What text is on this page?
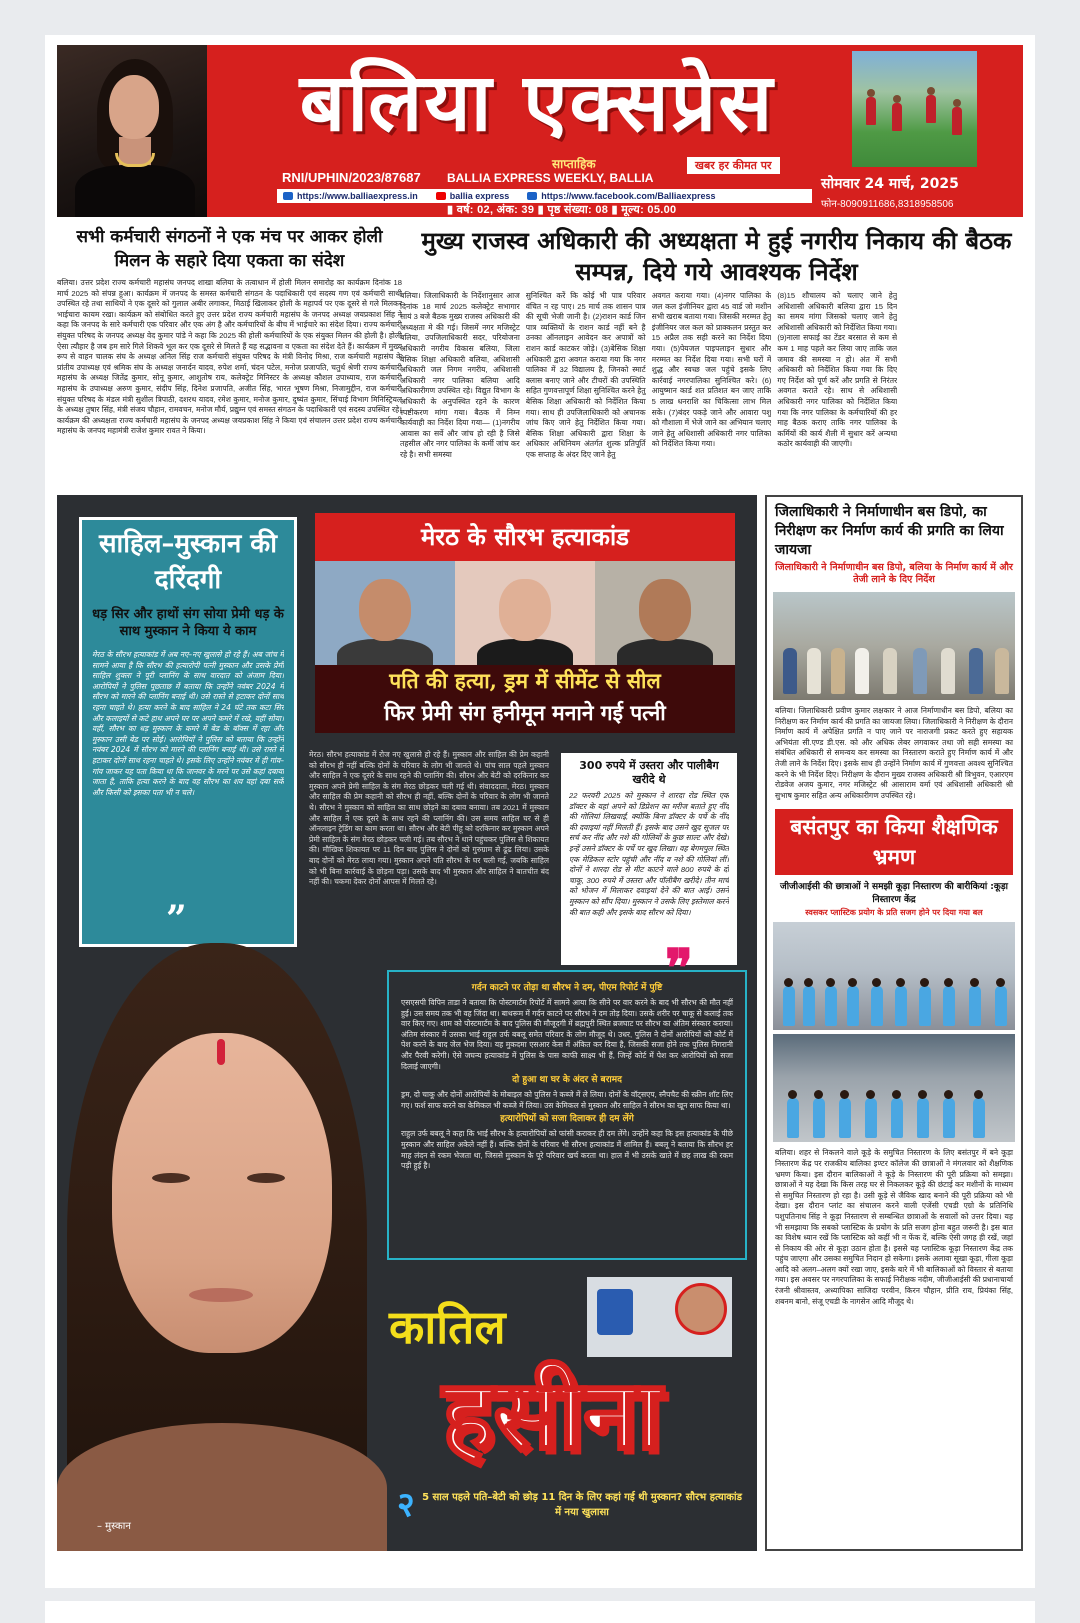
बलिया एक्सप्रेस
साप्ताहिक	खबर हर कीमत पर
RNI/UPHIN/2023/87687 BALLIA EXPRESS WEEKLY, BALLIA
https://www.balliaexpress.in	ballia express	https://www.facebook.com/Balliaexpress
▮ वर्ष: 02, अंक: 39 ▮ पृष्ठ संख्या: 08 ▮ मूल्य: 05.00
सोमवार 24 मार्च, 2025
फोन-8090911686,8318958506
सभी कर्मचारी संगठनों ने एक मंच पर आकर होली मिलन के सहारे दिया एकता का संदेश

बलिया। उत्तर प्रदेश राज्य कर्मचारी महासंघ जनपद शाखा बलिया के तत्वाधान में होली मिलन समारोह का कार्यक्रम दिनांक 18 मार्च 2025 को संपन्न हुआ। कार्यक्रम में जनपद के समस्त कर्मचारी संगठन के पदाधिकारी एवं सदस्य गण एवं कर्मचारी साथी उपस्थित रहे तथा साथियों ने एक दूसरे को गुलाल अबीर लगाकर, मिठाई खिलाकर होली के महापर्व पर एक दूसरे से गले मिलकर भाईचारा कायम रखा। कार्यक्रम को संबोधित करते हुए उत्तर प्रदेश राज्य कर्मचारी महासंघ के जनपद अध्यक्ष जयप्रकाश सिंह ने कहा कि जनपद के सारे कर्मचारी एक परिवार और एक अंग है और कर्मचारियों के बीच में भाईचारे का संदेश दिया। राज्य कर्मचारी संयुक्त परिषद के जनपद अध्यक्ष वेद कुमार पांडे ने कहा कि 2025 की होली कर्मचारियों के एक संयुक्त मिलन की होली है। होली ऐसा त्यौहार है जब हम सारे गिले शिकवे भूल कर एक दूसरे से मिलते हैं यह सद्भावना व एकता का संदेश देते हैं। कार्यक्रम में मुख्य रूप से वाहन चालक संघ के अध्यक्ष अनिल सिंह राज कर्मचारी संयुक्त परिषद के मंत्री विनोद मिश्रा, राज कर्मचारी महासंघ के प्रांतीय उपाध्यक्ष एवं श्रमिक संघ के अध्यक्ष जनार्दन यादव, रुपेश शर्मा, चंदन पटेल, मनोज प्रजापति, चतुर्थ श्रेणी राज्य कर्मचारी महासंघ के अध्यक्ष जितेंद्र कुमार, सोनू कुमार, आशुतोष राय, कलेक्ट्रेट मिनिस्टर के अध्यक्ष कौशल उपाध्याय, राज कर्मचारी महासंघ के उपाध्यक्ष अरुण कुमार, संदीप सिंह, दिनेश प्रजापति, अजीत सिंह, भारत भूषण मिश्रा, निजामुद्दीन, राज कर्मचारी संयुक्त परिषद के मंडल मंत्री सुशील त्रिपाठी, दशरथ यादव, रमेश कुमार, मनोज कुमार, दुष्यंत कुमार, सिंचाई विभाग मिनिस्ट्रियल के अध्यक्ष तुषार सिंह, मंत्री संजय चौहान, रामवचन, मनोज मौर्य, प्रद्युम्न एवं समस्त संगठन के पदाधिकारी एवं सदस्य उपस्थित रहे। कार्यक्रम की अध्यक्षता राज्य कर्मचारी महासंघ के जनपद अध्यक्ष जयप्रकाश सिंह ने किया एवं संचालन उत्तर प्रदेश राज्य कर्मचारी महासंघ के जनपद महामंत्री राजेश कुमार रावत ने किया।

मुख्य राजस्व अधिकारी की अध्यक्षता मे हुई नगरीय निकाय की बैठक सम्पन्न, दिये गये आवश्यक निर्देश

बलिया। जिलाधिकारी के निर्देशानुसार आज दिनांक 18 मार्च 2025 कलेक्ट्रेट सभागार सायं 3 बजे बैठक मुख्य राजस्व अधिकारी की अध्यक्षता मे की गई। जिसमें नगर मजिस्ट्रेट बलिया, उपजिलाधिकारी सदर, परियोजना अधिकारी नगरीय विकास बलिया, जिला बेसिक शिक्षा अधिकारी बलिया, अधिशासी अधिकारी जल निगम नगरीय, अधिशासी अधिकारी नगर पालिका बलिया आदि अधिकारीगण उपस्थित रहे। विद्युत विभाग के अधिकारी के अनुपस्थित रहने के कारण स्पष्टीकरण मांगा गया। बैठक में निम्न कार्यवाही का निर्देश दिया गया— (1)नगरीय आवास का सर्वे और जांच हो रही है जिसे तहसील और नगर पालिका के कर्मी जांच कर रहे है। सभी समस्या

सुनिश्चित करें कि कोई भी पात्र परिवार वंचित न रह पाए। 25 मार्च तक शासन पात्र की सूची भेजी जानी है। (2)राशन कार्ड जिन पात्र व्यक्तियों के राशन कार्ड नहीं बने है उनका ऑनलाइन आवेदन कर अपात्रों को राशन कार्ड काटकर जोड़े। (3)बेसिक शिक्षा अधिकारी द्वारा अवगत कराया गया कि नगर पालिका में 32 विद्यालय है, जिनको स्मार्ट क्लास बनाए जाने और टीचरों की उपस्थिति सहित गुणवत्तापूर्ण शिक्षा सुनिश्चित करने हेतु बेसिक शिक्षा अधिकारी को निर्देशित किया गया। साथ ही उपजिलाधिकारी को अचानक जांच किए जाने हेतु निर्देशित किया गया। बेसिक शिक्षा अधिकारी द्वारा शिक्षा के अधिकार अधिनियम अंतर्गत शुल्क प्रतिपूर्ति एक सप्ताह के अंदर दिए जाने हेतु

अवगत कराया गया। (4)नगर पालिका के जल कल इंजीनियर द्वारा 45 वार्ड जो मशीन सभी खराब बताया गया। जिसकी मरम्मत हेतु इंजीनियर जल कल को प्राक्कलन प्रस्तुत कर 15 अप्रैल तक सही करने का निर्देश दिया गया। (5)पेयजल पाइपलाइन सुधार और मरम्मत का निर्देश दिया गया। सभी घरों में शुद्ध और स्वच्छ जल पहुंचे इसके लिए कार्रवाई नगरपालिका सुनिश्चित करे। (6) आयुष्मान कार्ड शत प्रतिशत बन जाए ताकि 5 लाख धनराशि का चिकित्सा लाभ मिल सके। (7)बंदर पकड़े जाने और आवारा पशु को गौशाला में भेजे जाने का अभियान चलाए जाने हेतु अधिशासी अधिकारी नगर पालिका को निर्देशित किया गया।

(8)15 शौचालय को चलाए जाने हेतु अधिशासी अधिकारी बलिया द्वारा 15 दिन का समय मांगा जिसको चलाए जाने हेतु अधिशासी अधिकारी को निर्देशित किया गया। (9)नाला सफाई का टेंडर बरसात से कम से कम 1 माह पहले कर लिया जाए ताकि जल जमाव की समस्या न हो। अंत में सभी अधिकारी को निर्देशित किया गया कि दिए गए निर्देश को पूर्ण करें और प्रगति से निरंतर अवगत कराते रहे। साथ से अधिशासी अधिकारी नगर पालिका को निर्देशित किया गया कि नगर पालिका के कर्मचारियों की हर माह बैठक कराए ताकि नगर पालिका के कर्मियों की कार्य शैली में सुधार करें अन्यथा कठोर कार्यवाही की जाएगी।

साहिल–मुस्कान की दरिंदगी
धड़ सिर और हाथों संग सोया प्रेमी धड़ के साथ मुस्कान ने किया ये काम

मेरठ के सौरभ हत्याकांड में अब नए–नए खुलासे हो रहे हैं। अब जांच में सामने आया है कि सौरभ की हत्यारोपी पत्नी मुस्कान और उसके प्रेमी साहिल शुक्ला ने पूरी प्लानिंग के साथ वारदात को अंजाम दिया। आरोपियों ने पुलिस पूछताछ में बताया कि उन्होंने नवंबर 2024 में सौरभ को मारने की प्लानिंग बनाई थी। उसे रास्ते से हटाकर दोनों साथ रहना चाहते थे। हत्या करने के बाद साहिल ने 24 घंटे तक कटा सिर और कलाइयों से कटे हाथ अपने घर पर अपने कमरे में रखे, वहीं सोया। वहीं, सौरभ का धड़ मुस्कान के कमरे में बेड के बॉक्स में रहा और मुस्कान उसी बेड पर सोई। आरोपियों ने पुलिस को बताया कि उन्होंने नवंबर 2024 में सौरभ को मारने की प्लानिंग बनाई थी। उसे रास्ते से हटाकर दोनों साथ रहना चाहते थे। इसके लिए उन्होंने नवंबर में ही गांव–गांव जाकर यह पता किया था कि जानवर के मरने पर उसे कहां दबाया जाता है, ताकि हत्या करने के बाद वह सौरभ का शव वहां दबा सकें और किसी को इसका पता भी न चले।

”
मेरठ के सौरभ हत्याकांड
पति की हत्या, ड्रम में सीमेंट से सील
फिर प्रेमी संग हनीमून मनाने गई पत्नी

मेरठ। सौरभ हत्याकांड में रोज नए खुलासे हो रहे हैं। मुस्कान और साहिल की प्रेम कहानी को सौरभ ही नहीं बल्कि दोनों के परिवार के लोग भी जानते थे। पांच साल पहले मुस्कान और साहिल ने एक दूसरे के साथ रहने की प्लानिंग की। सौरभ और बेटी को दरकिनार कर मुस्कान अपने प्रेमी साहिल के संग मेरठ छोड़कर चली गई थी। संवाददाता, मेरठ। मुस्कान और साहिल की प्रेम कहानी को सौरभ ही नहीं, बल्कि दोनों के परिवार के लोग भी जानते थे। सौरभ ने मुस्कान को साहिल का साथ छोड़ने का दबाव बनाया। तब 2021 में मुस्कान और साहिल ने एक दूसरे के साथ रहने की प्लानिंग की। उस समय साहिल घर से ही ऑनलाइन ट्रेडिंग का काम करता था। सौरभ और बेटी पीहू को दरकिनार कर मुस्कान अपने प्रेमी साहिल के संग मेरठ छोड़कर चली गई। तब सौरभ ने थाने पहुंचकर पुलिस से शिकायत की। मौखिक शिकायत पर 11 दिन बाद पुलिस ने दोनों को गुरुग्राम से ढूंढ लिया। उसके बाद दोनों को मेरठ लाया गया। मुस्कान अपने पति सौरभ के घर चली गई, जबकि साहिल को भी बिना कार्रवाई के छोड़ना पड़ा। उसके बाद भी मुस्कान और साहिल ने बातचीत बंद नहीं की। चकमा देकर दोनों आपस में मिलते रहे।

300 रुपये में उस्तरा और पालीबैग खरीदे थे

22 फरवरी 2025 को मुस्कान ने शारदा रोड स्थित एक डॉक्टर के यहां अपने को डिप्रेशन का मरीज बताते हुए नींद की गोलियां लिखवाईं, क्योंकि बिना डॉक्टर के पर्चे के नींद की दवाइयां नहीं मिलती हैं। इसके बाद उसने खुद सूजल पर सर्च कर नींद और नशे की गोलियों के कुछ साल्ट और देखे। इन्हें उसने डॉक्टर के पर्चे पर खुद लिखा। वह बेगमपुल स्थित एक मेडिकल स्टोर पहुंची और नींद व नशे की गोलियां लीं। दोनों ने शारदा रोड से मीट काटने वाले 800 रुपये के दो चाकू, 300 रुपये में उस्तरा और पॉलीबैग खरीदे। तीन मार्च को भोजन में मिलाकर दवाइयां देने की बात आई। उसने मुस्कान को सौंप दिया। मुस्कान ने उसके लिए इस्तेमाल करने की बात कही और इसके बाद सौरभ को दिया।

❞
– मुस्कान
गर्दन काटने पर तोड़ा था सौरभ ने दम, पीएम रिपोर्ट में पुष्टि

एसएसपी विपिन ताडा ने बताया कि पोस्टमार्टम रिपोर्ट में सामने आया कि सीने पर वार करने के बाद भी सौरभ की मौत नहीं हुई। उस समय तक भी वह जिंदा था। बाथरूम में गर्दन काटने पर सौरभ ने दम तोड़ दिया। उसके शरीर पर चाकू से कलाई तक वार किए गए। शाम को पोस्टमार्टम के बाद पुलिस की मौजूदगी में ब्रह्मपुरी स्थित ब्रजघाट पर सौरभ का अंतिम संस्कार कराया। अंतिम संस्कार में उसका भाई राहुल उर्फ बबलू समेत परिवार के लोग मौजूद थे। उधर, पुलिस ने दोनों आरोपियों को कोर्ट में पेश करने के बाद जेल भेज दिया। यह मुकदमा एसआर केस में अंकित कर दिया है, जिसकी सजा होने तक पुलिस निगरानी और पैरवी करेगी। ऐसे जघन्य हत्याकांड में पुलिस के पास काफी साक्ष्य भी हैं, जिन्हें कोर्ट में पेश कर आरोपियों को सजा दिलाई जाएगी।

दो हुआ था घर के अंदर से बरामद

ड्रम, दो चाकू और दोनों आरोपियों के मोबाइल को पुलिस ने कब्जे में ले लिया। दोनों के वॉट्सएप, स्नैपचैट की स्क्रीन शॉट लिए गए। फर्श साफ करने का केमिकल भी कब्जे में लिया। उस केमिकल से मुस्कान और साहिल ने सौरभ का खून साफ किया था।

हत्यारोपियों को सजा दिलाकर ही दम लेंगे

राहुल उर्फ बबलू ने कहा कि भाई सौरभ के हत्यारोपियों को फांसी कराकर ही दम लेंगे। उन्होंने कहा कि इस हत्याकांड के पीछे मुस्कान और साहिल अकेले नहीं हैं। बल्कि दोनों के परिवार भी सौरभ हत्याकांड में शामिल हैं। बबलू ने बताया कि सौरभ हर माह लंदन से रकम भेजता था, जिससे मुस्कान के पूरे परिवार खर्च करता था। हाल में भी उसके खाते में छह लाख की रकम पड़ी हुई है।

कातिल
हसीना
२ 5 साल पहले पति–बेटी को छोड़ 11 दिन के लिए कहां गई थी मुस्कान? सौरभ हत्याकांड में नया खुलासा
जिलाधिकारी ने निर्माणाधीन बस डिपो, का निरीक्षण कर निर्माण कार्य की प्रगति का लिया जायजा
जिलाधिकारी ने निर्माणाधीन बस डिपो, बलिया के निर्माण कार्य में और तेजी लाने के दिए निर्देश

बलिया। जिलाधिकारी प्रवीण कुमार लक्षकार ने आज निर्माणाधीन बस डिपो, बलिया का निरीक्षण कर निर्माण कार्य की प्रगति का जायजा लिया। जिलाधिकारी ने निरीक्षण के दौरान निर्माण कार्य में अपेक्षित प्रगति न पाए जाने पर नाराजगी प्रकट करते हुए सहायक अभियंता सी.एण्ड डी.एस. को और अधिक लेबर लगवाकर तथा जो सही समस्या का संबंधित अधिकारी से समन्वय कर समस्या का निस्तारण कराते हुए निर्माण कार्य में और तेजी लाने के निर्देश दिए। इसके साथ ही उन्होंने निर्माण कार्य में गुणवत्ता अवश्य सुनिश्चित करने के भी निर्देश दिए। निरीक्षण के दौरान मुख्य राजस्व अधिकारी श्री त्रिभुवन, एआरएम रोडवेज अजय कुमार, नगर मजिस्ट्रेट श्री आसाराम वर्मा एवं अधिशासी अधिकारी श्री सुभाष कुमार सहित अन्य अधिकारीगण उपस्थित रहे।

बसंतपुर का किया शैक्षणिक भ्रमण
जीजीआईसी की छात्राओं ने समझी कूड़ा निस्तारण की बारीकियां :कूड़ा निस्तारण केंद्र
स्वसकर प्लास्टिक प्रयोग के प्रति सजग होने पर दिया गया बल

बलिया। शहर से निकलने वाले कूड़े के समुचित निस्तारण के लिए बसंतपुर में बने कूड़ा निस्तारण केंद्र पर राजकीय बालिका इण्टर कॉलेज की छात्राओं ने मंगलवार को शैक्षणिक भ्रमण किया। इस दौरान बालिकाओं ने कूड़े के निस्तारण की पूरी प्रक्रिया को समझा। छात्राओं ने यह देखा कि किस तरह घर से निकलकर कूड़े की छंटाई कर मशीनों के माध्यम से समुचित निस्तारण हो रहा है। उसी कूड़े से जैविक खाद बनाने की पूरी प्रक्रिया को भी देखा। इस दौरान प्लांट का संचालन करने वाली एजेंसी एचडी एग्रो के प्रतिनिधि पशुपतिनाथ सिंह ने कूड़ा निस्तारण से सम्बन्धित छात्राओं के सवालों को उत्तर दिया। यह भी समझाया कि सबको प्लास्टिक के प्रयोग के प्रति सजग होना बहुत जरूरी है। इस बात का विशेष ध्यान रखें कि प्लास्टिक को कहीं भी न फेंक दें, बल्कि ऐसी जगह ही रखें, जहां से निकाय की ओर से कूड़ा उठान होता है। इससे यह प्लास्टिक कूड़ा निस्तारण केंद्र तक पहुंच जाएगा और उसका समुचित निदान हो सकेगा। इसके अलावा सूखा कूड़ा, गीला कूड़ा आदि को अलग–अलग क्यों रखा जाए, इसके बारे में भी बालिकाओं को विस्तार से बताया गया। इस अवसर पर नगरपालिका के सफाई निरीक्षक नदीम, जीजीआईसी की प्रधानाचार्या रंजनी श्रीवास्तव, अध्यापिका साजिदा परवीन, किरन चौहान, प्रीति राय, प्रियंका सिंह, शबनम बानो, संजू एचडी के नागसेन आदि मौजूद थे।
